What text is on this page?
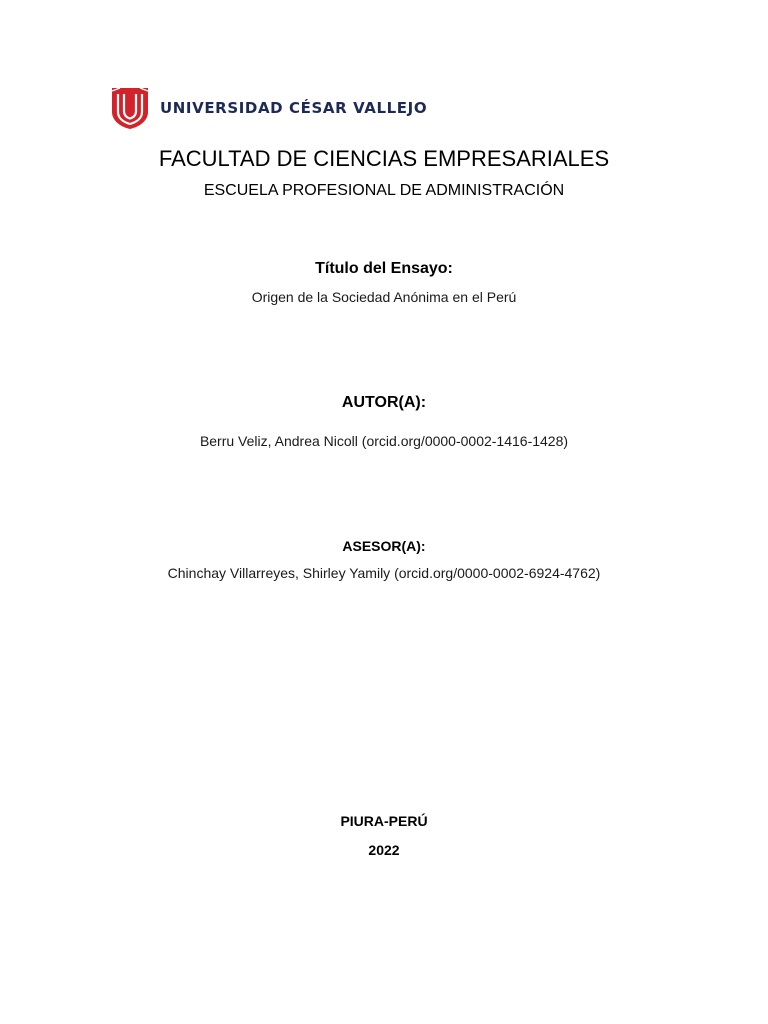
UNIVERSIDAD CÉSAR VALLEJO
FACULTAD DE CIENCIAS EMPRESARIALES
ESCUELA PROFESIONAL DE ADMINISTRACIÓN
Título del Ensayo:
Origen de la Sociedad Anónima en el Perú
AUTOR(A):
Berru Veliz, Andrea Nicoll (orcid.org/0000-0002-1416-1428)
ASESOR(A):
Chinchay Villarreyes, Shirley Yamily (orcid.org/0000-0002-6924-4762)
PIURA-PERÚ
2022
